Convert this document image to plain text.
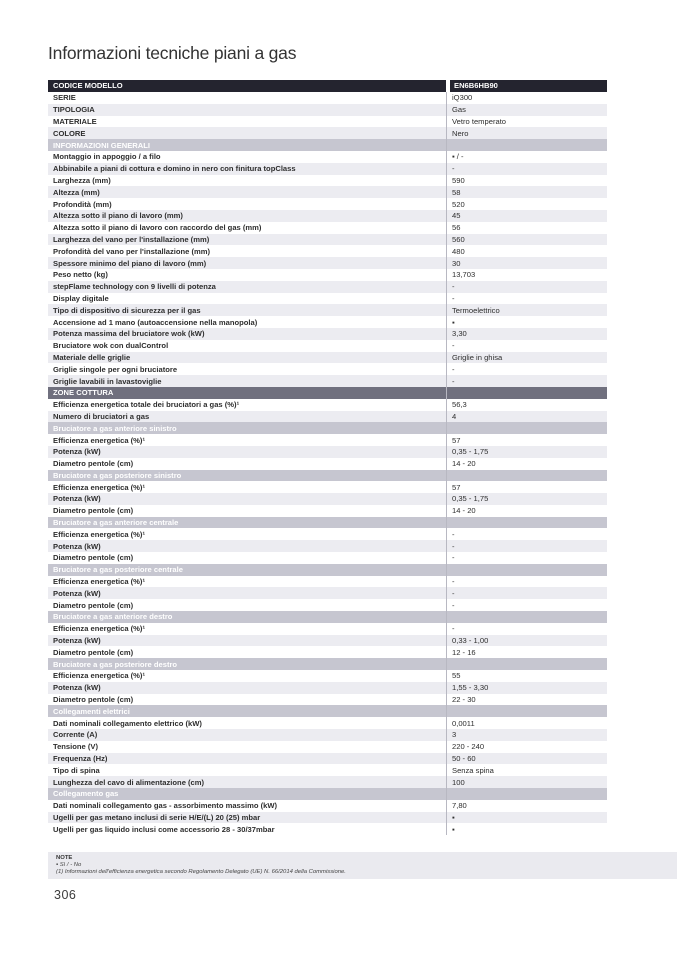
Informazioni tecniche piani a gas
CODICE MODELLO	EN6B6HB90
SERIE	iQ300
TIPOLOGIA	Gas
MATERIALE	Vetro temperato
COLORE	Nero
INFORMAZIONI GENERALI
Montaggio in appoggio / a filo	▪ / -
Abbinabile a piani di cottura e domino in nero con finitura topClass	-
Larghezza (mm)	590
Altezza (mm)	58
Profondità (mm)	520
Altezza sotto il piano di lavoro (mm)	45
Altezza sotto il piano di lavoro con raccordo del gas (mm)	56
Larghezza del vano per l'installazione (mm)	560
Profondità del vano per l'installazione (mm)	480
Spessore minimo del piano di lavoro (mm)	30
Peso netto (kg)	13,703
stepFlame technology con 9 livelli di potenza	-
Display digitale	-
Tipo di dispositivo di sicurezza per il gas	Termoelettrico
Accensione ad 1 mano (autoaccensione nella manopola)	▪
Potenza massima del bruciatore wok (kW)	3,30
Bruciatore wok con dualControl	-
Materiale delle griglie	Griglie in ghisa
Griglie singole per ogni bruciatore	-
Griglie lavabili in lavastoviglie	-
ZONE COTTURA
Efficienza energetica totale dei bruciatori a gas (%)¹	56,3
Numero di bruciatori a gas	4
Bruciatore a gas anteriore sinistro
Efficienza energetica (%)¹	57
Potenza (kW)	0,35 - 1,75
Diametro pentole (cm)	14 - 20
Bruciatore a gas posteriore sinistro
Efficienza energetica (%)¹	57
Potenza (kW)	0,35 - 1,75
Diametro pentole (cm)	14 - 20
Bruciatore a gas anteriore centrale
Efficienza energetica (%)¹	-
Potenza (kW)	-
Diametro pentole (cm)	-
Bruciatore a gas posteriore centrale
Efficienza energetica (%)¹	-
Potenza (kW)	-
Diametro pentole (cm)	-
Bruciatore a gas anteriore destro
Efficienza energetica (%)¹	-
Potenza (kW)	0,33 - 1,00
Diametro pentole (cm)	12 - 16
Bruciatore a gas posteriore destro
Efficienza energetica (%)¹	55
Potenza (kW)	1,55 - 3,30
Diametro pentole (cm)	22 - 30
Collegamenti elettrici
Dati nominali collegamento elettrico (kW)	0,0011
Corrente (A)	3
Tensione (V)	220 - 240
Frequenza (Hz)	50 - 60
Tipo di spina	Senza spina
Lunghezza del cavo di alimentazione (cm)	100
Collegamento gas
Dati nominali collegamento gas - assorbimento massimo (kW)	7,80
Ugelli per gas metano inclusi di serie H/E/(L) 20 (25) mbar	▪
Ugelli per gas liquido inclusi come accessorio 28 - 30/37mbar	▪
NOTE
▪ Sì / - No
(1) Informazioni dell'efficienza energetica secondo Regolamento Delegato (UE) N. 66/2014 della Commissione.
306
